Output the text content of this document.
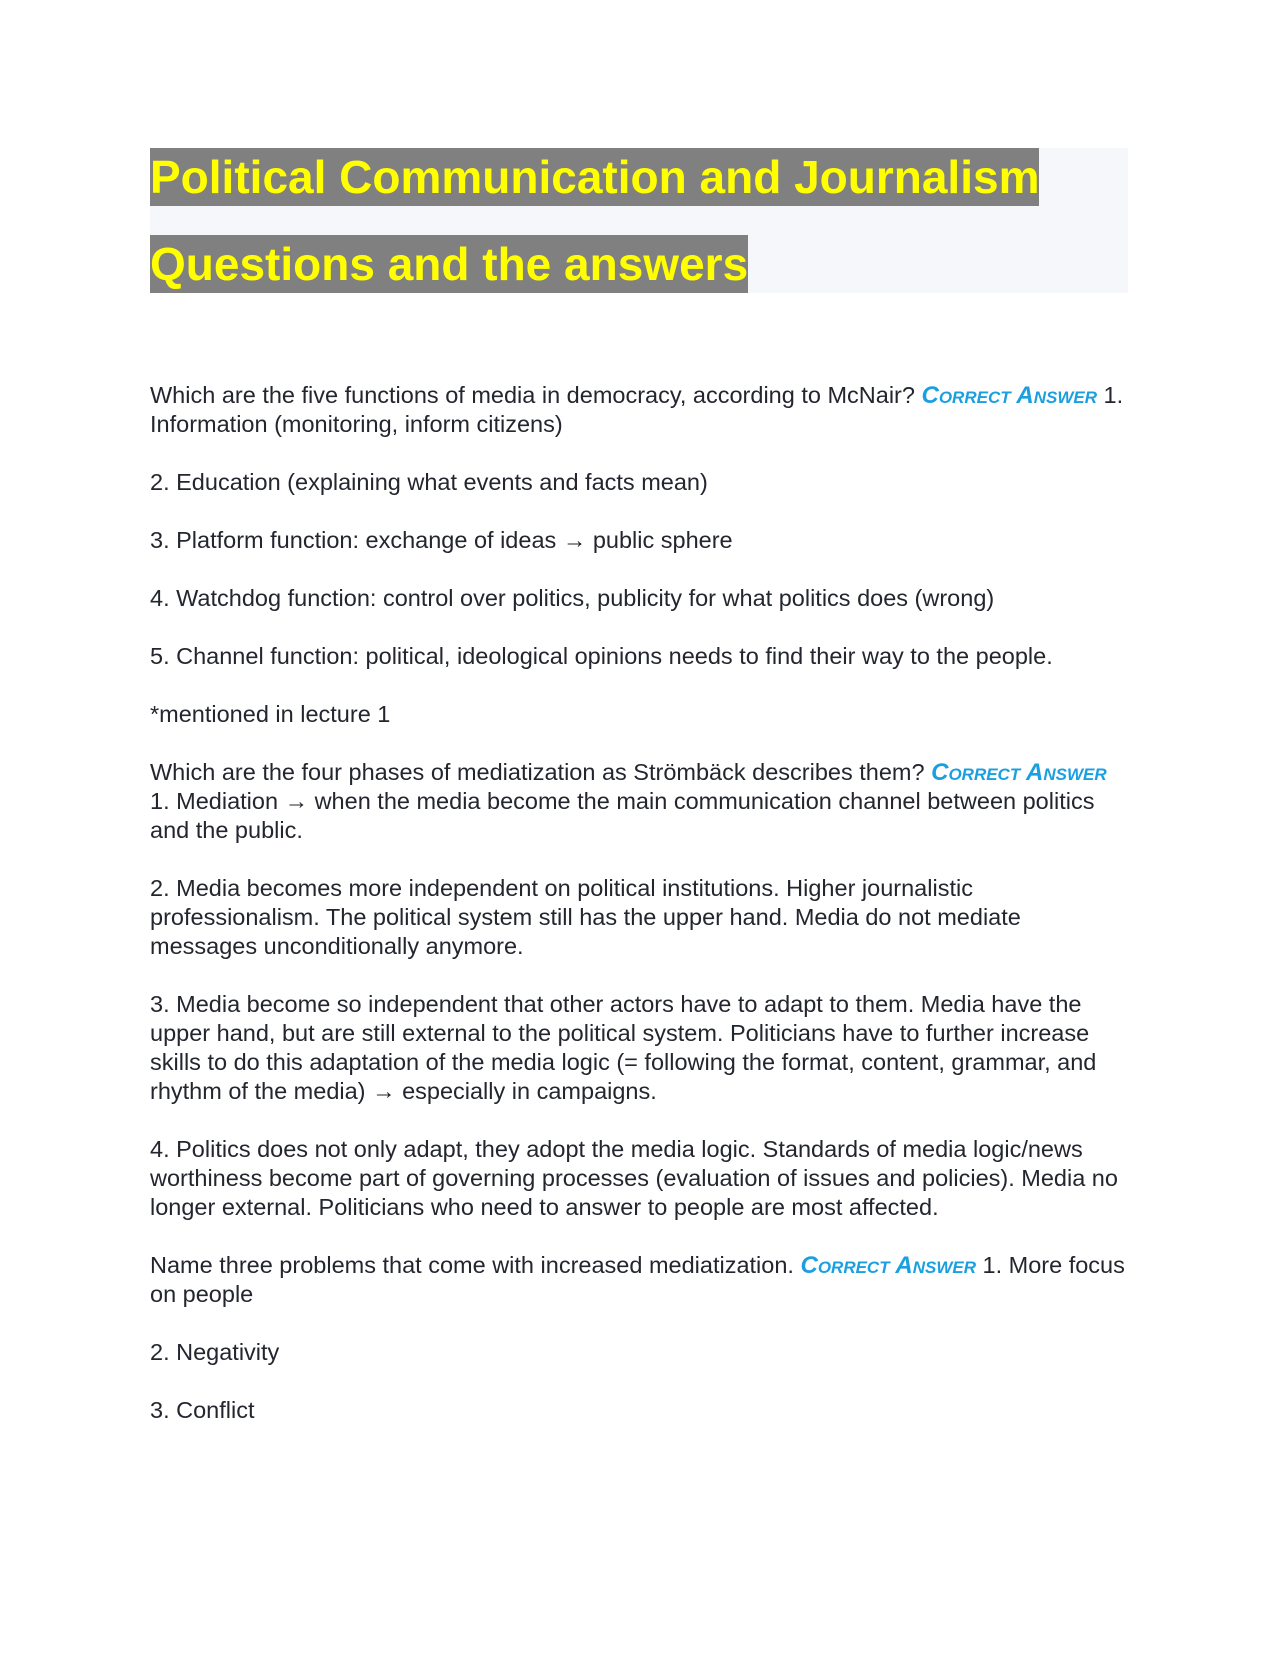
Political Communication and Journalism
Questions and the answers

Which are the five functions of media in democracy, according to McNair? Correct Answer 1. Information (monitoring, inform citizens)

2. Education (explaining what events and facts mean)

3. Platform function: exchange of ideas → public sphere

4. Watchdog function: control over politics, publicity for what politics does (wrong)

5. Channel function: political, ideological opinions needs to find their way to the people.

*mentioned in lecture 1

Which are the four phases of mediatization as Strömbäck describes them? Correct Answer 1. Mediation → when the media become the main communication channel between politics and the public.

2. Media becomes more independent on political institutions. Higher journalistic professionalism. The political system still has the upper hand. Media do not mediate messages unconditionally anymore.

3. Media become so independent that other actors have to adapt to them. Media have the upper hand, but are still external to the political system. Politicians have to further increase skills to do this adaptation of the media logic (= following the format, content, grammar, and rhythm of the media) → especially in campaigns.

4. Politics does not only adapt, they adopt the media logic. Standards of media logic/news worthiness become part of governing processes (evaluation of issues and policies). Media no longer external. Politicians who need to answer to people are most affected.

Name three problems that come with increased mediatization. Correct Answer 1. More focus on people

2. Negativity

3. Conflict
